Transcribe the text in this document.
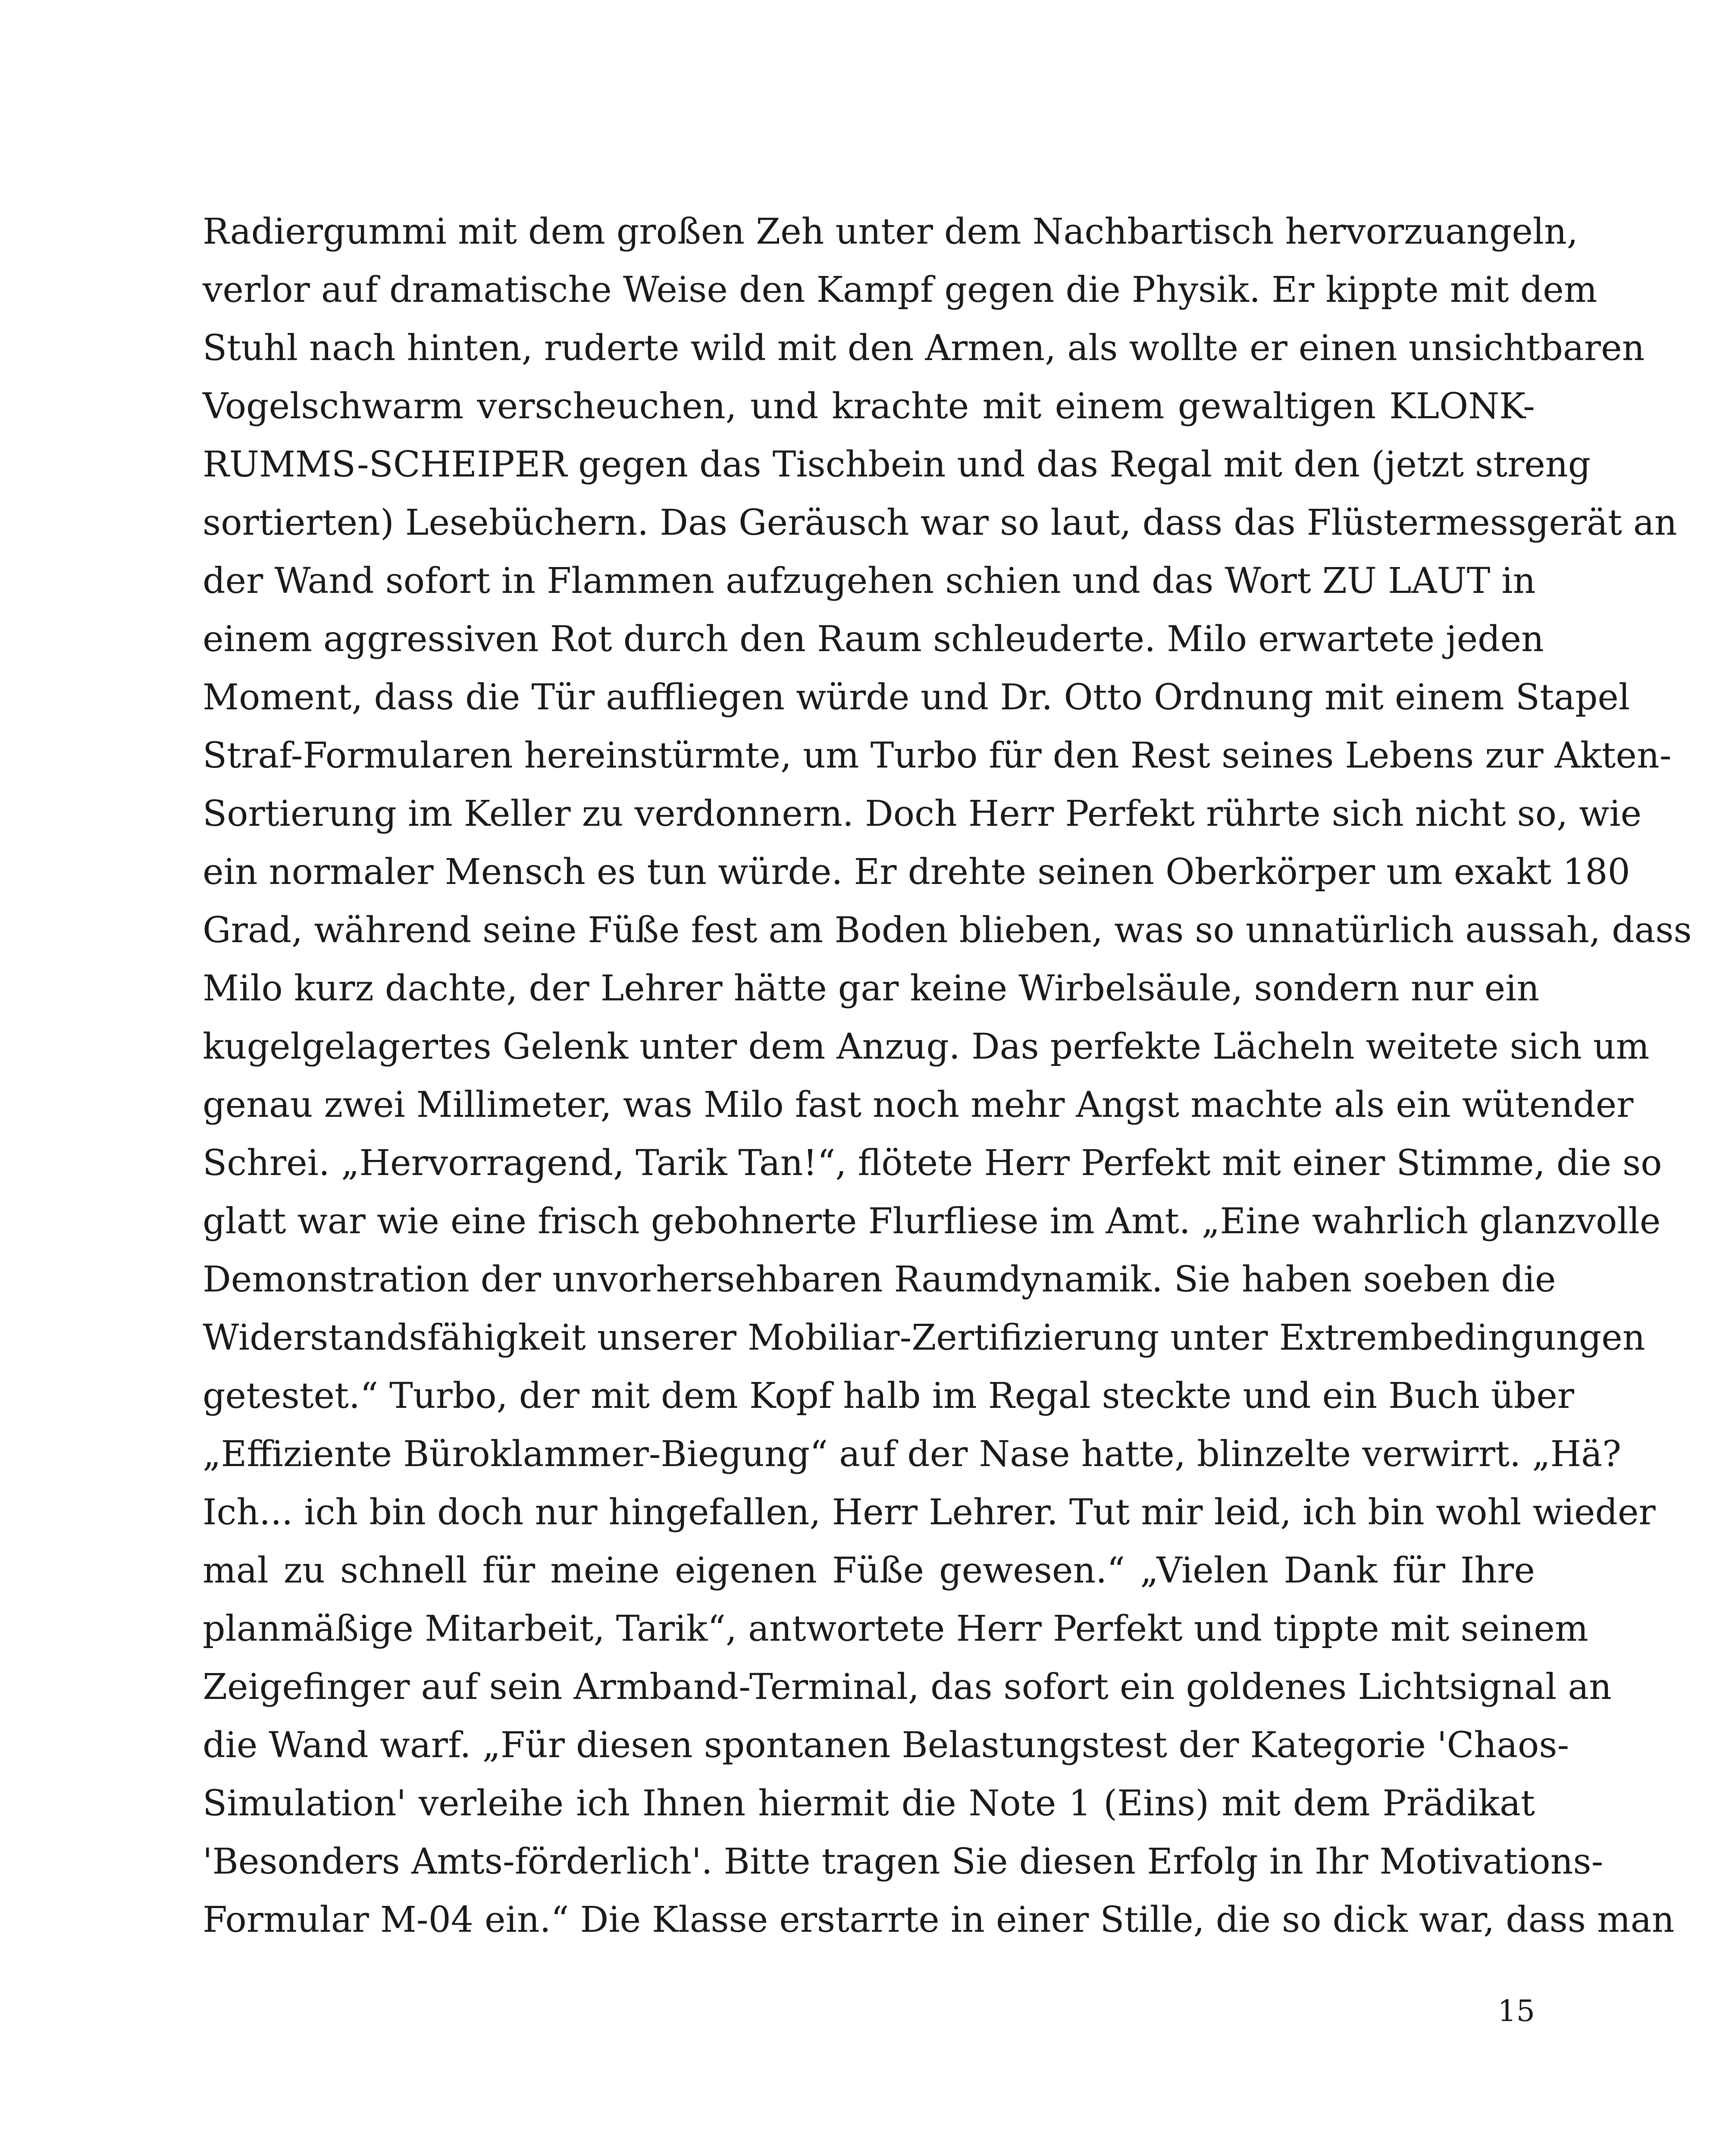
Radiergummi mit dem großen Zeh unter dem Nachbartisch hervorzuangeln,
verlor auf dramatische Weise den Kampf gegen die Physik. Er kippte mit dem
Stuhl nach hinten, ruderte wild mit den Armen, als wollte er einen unsichtbaren
Vogelschwarm verscheuchen, und krachte mit einem gewaltigen KLONK-
RUMMS-SCHEIPER gegen das Tischbein und das Regal mit den (jetzt streng
sortierten) Lesebüchern. Das Geräusch war so laut, dass das Flüstermessgerät an
der Wand sofort in Flammen aufzugehen schien und das Wort ZU LAUT in
einem aggressiven Rot durch den Raum schleuderte. Milo erwartete jeden
Moment, dass die Tür auffliegen würde und Dr. Otto Ordnung mit einem Stapel
Straf-Formularen hereinstürmte, um Turbo für den Rest seines Lebens zur Akten-
Sortierung im Keller zu verdonnern. Doch Herr Perfekt rührte sich nicht so, wie
ein normaler Mensch es tun würde. Er drehte seinen Oberkörper um exakt 180
Grad, während seine Füße fest am Boden blieben, was so unnatürlich aussah, dass
Milo kurz dachte, der Lehrer hätte gar keine Wirbelsäule, sondern nur ein
kugelgelagertes Gelenk unter dem Anzug. Das perfekte Lächeln weitete sich um
genau zwei Millimeter, was Milo fast noch mehr Angst machte als ein wütender
Schrei. „Hervorragend, Tarik Tan!“, flötete Herr Perfekt mit einer Stimme, die so
glatt war wie eine frisch gebohnerte Flurfliese im Amt. „Eine wahrlich glanzvolle
Demonstration der unvorhersehbaren Raumdynamik. Sie haben soeben die
Widerstandsfähigkeit unserer Mobiliar-Zertifizierung unter Extrembedingungen
getestet.“ Turbo, der mit dem Kopf halb im Regal steckte und ein Buch über
„Effiziente Büroklammer-Biegung“ auf der Nase hatte, blinzelte verwirrt. „Hä?
Ich... ich bin doch nur hingefallen, Herr Lehrer. Tut mir leid, ich bin wohl wieder
mal zu schnell für meine eigenen Füße gewesen.“ „Vielen Dank für Ihre
planmäßige Mitarbeit, Tarik“, antwortete Herr Perfekt und tippte mit seinem
Zeigefinger auf sein Armband-Terminal, das sofort ein goldenes Lichtsignal an
die Wand warf. „Für diesen spontanen Belastungstest der Kategorie 'Chaos-
Simulation' verleihe ich Ihnen hiermit die Note 1 (Eins) mit dem Prädikat
'Besonders Amts-förderlich'. Bitte tragen Sie diesen Erfolg in Ihr Motivations-
Formular M-04 ein.“ Die Klasse erstarrte in einer Stille, die so dick war, dass man
15
